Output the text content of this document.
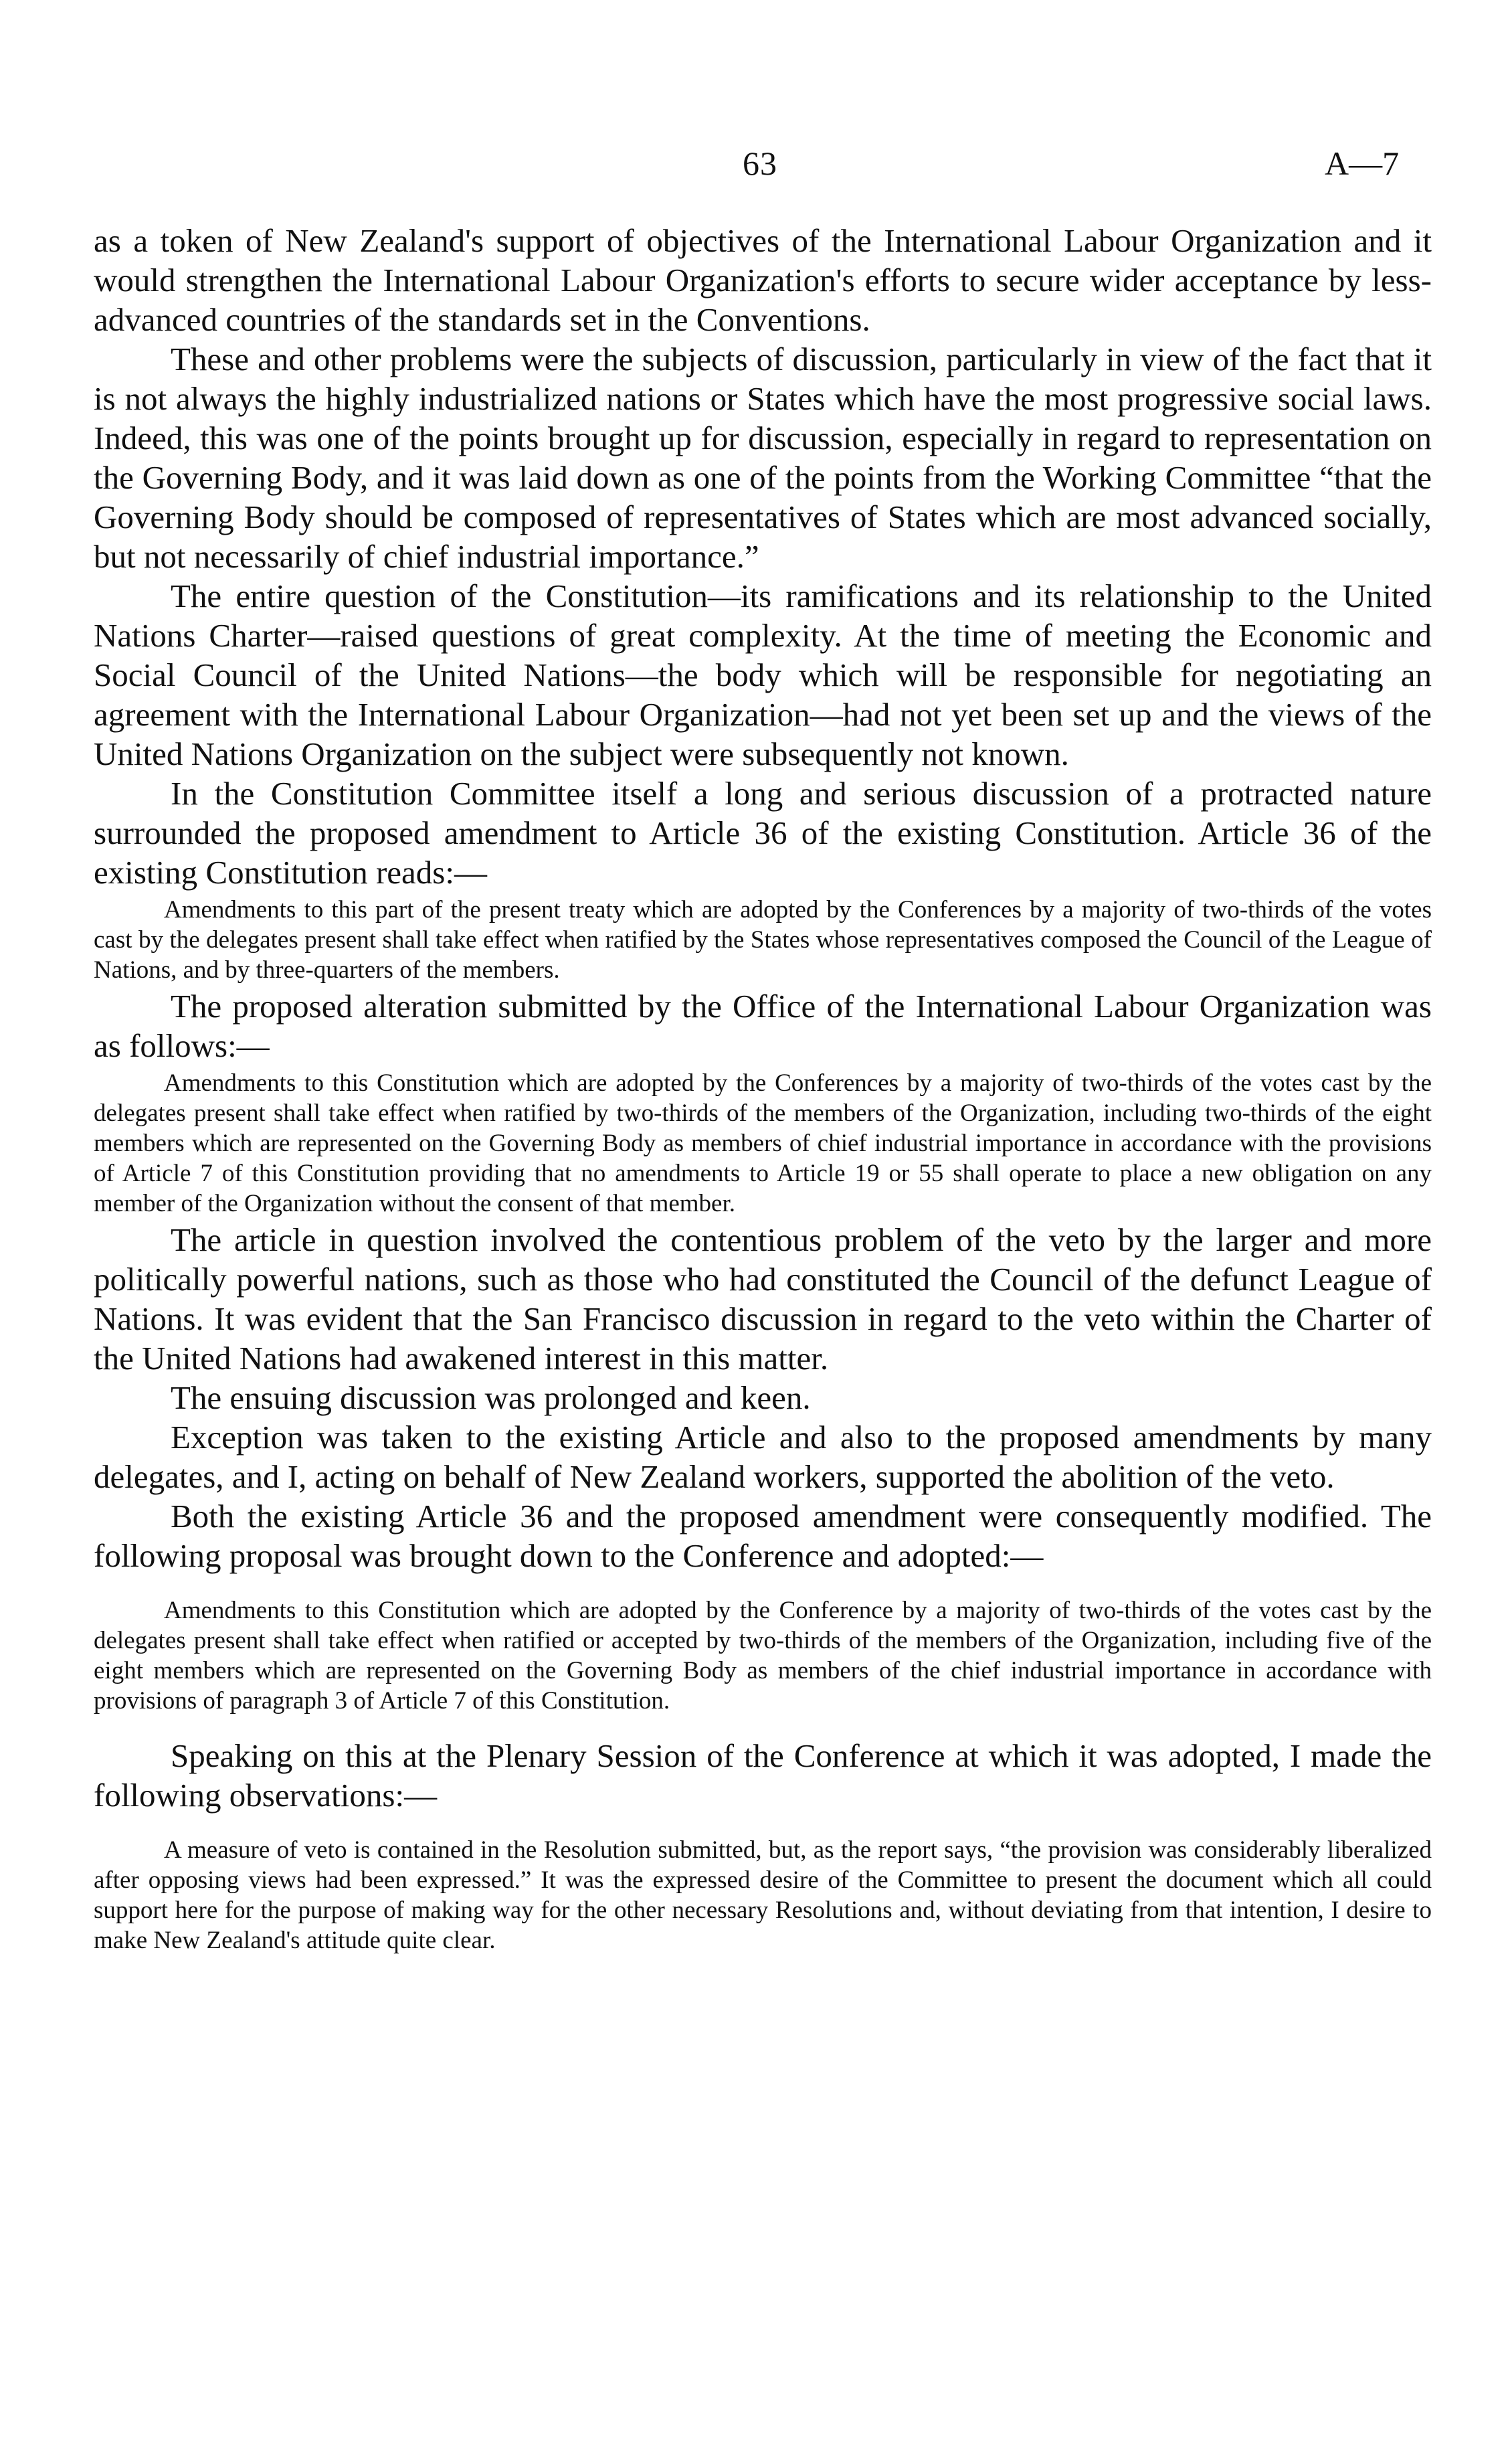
63	A—7

as a token of New Zealand's support of objectives of the International Labour Organization and it would strengthen the International Labour Organization's efforts to secure wider acceptance by less-advanced countries of the standards set in the Conventions.

These and other problems were the subjects of discussion, particularly in view of the fact that it is not always the highly industrialized nations or States which have the most progressive social laws. Indeed, this was one of the points brought up for discussion, especially in regard to representation on the Governing Body, and it was laid down as one of the points from the Working Committee “that the Governing Body should be composed of representatives of States which are most advanced socially, but not necessarily of chief industrial importance.”

The entire question of the Constitution—its ramifications and its relationship to the United Nations Charter—raised questions of great complexity. At the time of meeting the Economic and Social Council of the United Nations—the body which will be responsible for negotiating an agreement with the International Labour Organization—had not yet been set up and the views of the United Nations Organization on the subject were subsequently not known.

In the Constitution Committee itself a long and serious discussion of a protracted nature surrounded the proposed amendment to Article 36 of the existing Constitution. Article 36 of the existing Constitution reads:—

Amendments to this part of the present treaty which are adopted by the Conferences by a majority of two-thirds of the votes cast by the delegates present shall take effect when ratified by the States whose representatives composed the Council of the League of Nations, and by three-quarters of the members.

The proposed alteration submitted by the Office of the International Labour Organization was as follows:—

Amendments to this Constitution which are adopted by the Conferences by a majority of two-thirds of the votes cast by the delegates present shall take effect when ratified by two-thirds of the members of the Organization, including two-thirds of the eight members which are represented on the Governing Body as members of chief industrial importance in accordance with the provisions of Article 7 of this Constitution providing that no amendments to Article 19 or 55 shall operate to place a new obligation on any member of the Organization without the consent of that member.

The article in question involved the contentious problem of the veto by the larger and more politically powerful nations, such as those who had constituted the Council of the defunct League of Nations. It was evident that the San Francisco discussion in regard to the veto within the Charter of the United Nations had awakened interest in this matter.

The ensuing discussion was prolonged and keen.

Exception was taken to the existing Article and also to the proposed amendments by many delegates, and I, acting on behalf of New Zealand workers, supported the abolition of the veto.

Both the existing Article 36 and the proposed amendment were consequently modified. The following proposal was brought down to the Conference and adopted:—

Amendments to this Constitution which are adopted by the Conference by a majority of two-thirds of the votes cast by the delegates present shall take effect when ratified or accepted by two-thirds of the members of the Organization, including five of the eight members which are represented on the Governing Body as members of the chief industrial importance in accordance with provisions of paragraph 3 of Article 7 of this Constitution.

Speaking on this at the Plenary Session of the Conference at which it was adopted, I made the following observations:—

A measure of veto is contained in the Resolution submitted, but, as the report says, “the provision was considerably liberalized after opposing views had been expressed.” It was the expressed desire of the Committee to present the document which all could support here for the purpose of making way for the other necessary Resolutions and, without deviating from that intention, I desire to make New Zealand's attitude quite clear.
